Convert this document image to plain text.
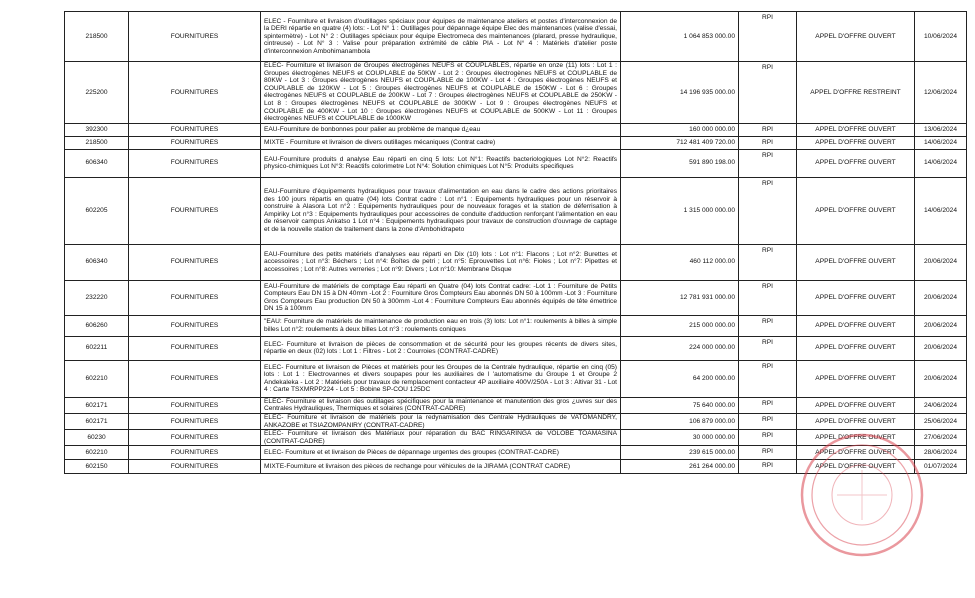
218500	FOURNITURES	ELEC - Fourniture et livraison d'outillages spéciaux pour équipes de maintenance ateliers et postes d'interconnexion de la DERI répartie en quatre (4) lots: - Lot N° 1 : Outillages pour dépannage équipe Elec des maintenances (valise d'essai, spintermètre) - Lot N° 2 : Outillages spéciaux pour équipe Electromeca des maintenances (plarard, presse hydraulique, cintreuse) - Lot N° 3 : Valise pour préparation extrémité de câble PIA - Lot N° 4 : Matériels d'atelier poste d'interconnexion Ambohimanambola	1 064 853 000.00	RPI	APPEL D'OFFRE OUVERT	10/06/2024
225200	FOURNITURES	ELEC- Fourniture et livraison de Groupes électrogènes NEUFS et COUPLABLES, répartie en onze (11) lots : Lot 1 : Groupes électrogènes NEUFS et COUPLABLE de 50KW - Lot 2 : Groupes électrogènes NEUFS et COUPLABLE de 80KW - Lot 3 : Groupes électrogènes NEUFS et COUPLABLE de 100KW - Lot 4 : Groupes électrogènes NEUFS et COUPLABLE de 120KW - Lot 5 : Groupes électrogènes NEUFS et COUPLABLE de 150KW - Lot 6 : Groupes électrogènes NEUFS et COUPLABLE de 200KW - Lot 7 : Groupes électrogènes NEUFS et COUPLABLE de 250KW - Lot 8 : Groupes électrogènes NEUFS et COUPLABLE de 300KW - Lot 9 : Groupes électrogènes NEUFS et COUPLABLE de 400KW - Lot 10 : Groupes électrogènes NEUFS et COUPLABLE de 500KW - Lot 11 : Groupes électrogènes NEUFS et COUPLABLE de 1000KW	14 196 935 000.00	RPI	APPEL D'OFFRE RESTREINT	12/06/2024
392300	FOURNITURES	EAU-Fourniture de bonbonnes pour palier au problème de manque d¿eau	160 000 000.00	RPI	APPEL D'OFFRE OUVERT	13/06/2024
218500	FOURNITURES	MIXTE - Fourniture et livraison de divers outillages mécaniques (Contrat cadre)	712 481 409 720.00	RPI	APPEL D'OFFRE OUVERT	14/06/2024
606340	FOURNITURES	EAU-Fourniture produits d analyse Eau réparti en cinq 5 lots: Lot N°1: Reactifs bacteriologiques Lot N°2: Reactifs physico-chimiques Lot N°3: Reactifs colorimetre Lot N°4: Solution chimiques Lot N°5: Produits specifiques	591 890 198.00	RPI	APPEL D'OFFRE OUVERT	14/06/2024
602205	FOURNITURES	EAU-Fourniture d'équipements hydrauliques pour travaux d'alimentation en eau dans le cadre des actions prioritaires des 100 jours répartis en quatre (04) lots Contrat cadre : Lot n°1 : Equipements hydrauliques pour un réservoir à construire à Alasora Lot n°2 : Equipements hydrauliques pour de nouveaux forages et la station de déferrisation à Ampiriky Lot n°3 : Equipements hydrauliques pour accessoires de conduite d'adduction renforçant l'alimentation en eau de réservoir campus Ankatso 1 Lot n°4 : Equipements hydrauliques pour travaux de construction d'ouvrage de captage et de la nouvelle station de traitement dans la zone d'Ambohidrapeto	1 315 000 000.00	RPI	APPEL D'OFFRE OUVERT	14/06/2024
606340	FOURNITURES	EAU-Fourniture des petits matériels d'analyses eau réparti en Dix (10) lots : Lot n°1: Flacons ; Lot n°2: Burettes et accessoires ; Lot n°3: Béchers ; Lot n°4: Boîtes de petri ; Lot n°5: Eprouvettes Lot n°6: Fioles ; Lot n°7: Pipettes et accessoires ; Lot n°8: Autres verreries ; Lot n°9: Divers ; Lot n°10: Membrane Disque	460 112 000.00	RPI	APPEL D'OFFRE OUVERT	20/06/2024
232220	FOURNITURES	EAU-Fourniture de matériels de comptage Eau réparti en Quatre (04) lots Contrat cadre: -Lot 1 : Fourniture de Petits Compteurs Eau DN 15 à DN 40mm -Lot 2 : Fourniture Gros Compteurs Eau abonnés DN 50 à 100mm -Lot 3 : Fourniture Gros Compteurs Eau production DN 50 à 300mm -Lot 4 : Fourniture Compteurs Eau abonnés équipés de tête émettrice DN 15 à 100mm	12 781 931 000.00	RPI	APPEL D'OFFRE OUVERT	20/06/2024
606260	FOURNITURES	"EAU: Fourniture de matériels de maintenance de production eau en trois (3) lots: Lot n°1: roulements à billes à simple billes Lot n°2: roulements à deux billes Lot n°3 : roulements coniques	215 000 000.00	RPI	APPEL D'OFFRE OUVERT	20/06/2024
602211	FOURNITURES	ELEC- Fourniture et livraison de pièces de consommation et de sécurité pour les groupes récents de divers sites, répartie en deux (02) lots : Lot 1 : Filtres - Lot 2 : Courroies (CONTRAT-CADRE)	224 000 000.00	RPI	APPEL D'OFFRE OUVERT	20/06/2024
602210	FOURNITURES	ELEC- Fourniture et livraison de Pièces et matériels pour les Groupes de la Centrale hydraulique, répartie en cinq (05) lots : Lot 1 : Electrovannes et divers soupapes pour les auxiliaires de l 'automatisme du Groupe 1 et Groupe 2 Andekaleka - Lot 2 : Matériels pour travaux de remplacement contacteur 4P auxiliaire 400V/250A - Lot 3 : Altivar 31 - Lot 4 : Carte TSXMRPP224 - Lot 5 : Bobine SP-COU 125DC	64 200 000.00	RPI	APPEL D'OFFRE OUVERT	20/06/2024
602171	FOURNITURES	ELEC- Fourniture et livraison des outillages spécifiques pour la maintenance et manutention des gros ¿uvres sur des Centrales Hydrauliques, Thermiques et solaires (CONTRAT-CADRE)	75 640 000.00	RPI	APPEL D'OFFRE OUVERT	24/06/2024
602171	FOURNITURES	ELEC- Fourniture et livraison de matériels pour la redynamisation des Centrale Hydrauliques de VATOMANDRY, ANKAZOBE et TSIAZOMPANIRY (CONTRAT-CADRE)	106 879 000.00	RPI	APPEL D'OFFRE OUVERT	25/06/2024
60230	FOURNITURES	ELEC- Fourniture et livraison des Matériaux pour réparation du BAC RINGARINGA de VOLOBE TOAMASINA (CONTRAT-CADRE)	30 000 000.00	RPI	APPEL D'OFFRE OUVERT	27/06/2024
602210	FOURNITURES	ELEC- Fourniture et et livraison de Pièces de dépannage urgentes des groupes (CONTRAT-CADRE)	239 615 000.00	RPI	APPEL D'OFFRE OUVERT	28/06/2024
602150	FOURNITURES	MIXTE-Fourniture et livraison des pièces de rechange pour véhicules de la JIRAMA (CONTRAT CADRE)	261 264 000.00	RPI	APPEL D'OFFRE OUVERT	01/07/2024
